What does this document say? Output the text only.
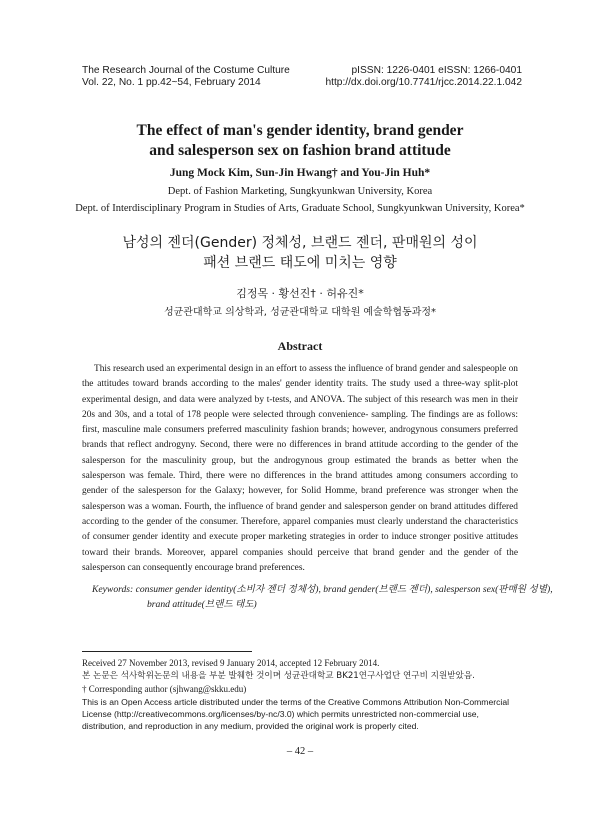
The Research Journal of the Costume Culture
Vol. 22, No. 1 pp.42~54, February 2014
pISSN: 1226-0401 eISSN: 1266-0401
http://dx.doi.org/10.7741/rjcc.2014.22.1.042
The effect of man's gender identity, brand gender
and salesperson sex on fashion brand attitude
Jung Mock Kim, Sun-Jin Hwang† and You-Jin Huh*
Dept. of Fashion Marketing, Sungkyunkwan University, Korea
Dept. of Interdisciplinary Program in Studies of Arts, Graduate School, Sungkyunkwan University, Korea*
남성의 젠더(Gender) 정체성, 브랜드 젠더, 판매원의 성이
패션 브랜드 태도에 미치는 영향
김정목 · 황선진† · 허유진*
성균관대학교 의상학과, 성균관대학교 대학원 예술학협동과정*
Abstract
This research used an experimental design in an effort to assess the influence of brand gender and salespeople on the attitudes toward brands according to the males' gender identity traits. The study used a three-way split-plot experimental design, and data were analyzed by t-tests, and ANOVA. The subject of this research was men in their 20s and 30s, and a total of 178 people were selected through convenience- sampling. The findings are as follows: first, masculine male consumers preferred masculinity fashion brands; however, androgynous consumers preferred brands that reflect androgyny. Second, there were no differences in brand attitude according to the gender of the salesperson for the masculinity group, but the androgynous group estimated the brands as better when the salesperson was female. Third, there were no differences in the brand attitudes among consumers according to gender of the salesperson for the Galaxy; however, for Solid Homme, brand preference was stronger when the salesperson was a woman. Fourth, the influence of brand gender and salesperson gender on brand attitudes differed according to the gender of the consumer. Therefore, apparel companies must clearly understand the characteristics of consumer gender identity and execute proper marketing strategies in order to induce stronger positive attitudes toward their brands. Moreover, apparel companies should perceive that brand gender and the gender of the salesperson can consequently encourage brand preferences.
Keywords: consumer gender identity(소비자 젠더 정체성), brand gender(브랜드 젠더), salesperson sex(판매원 성별), brand attitude(브랜드 태도)
Received 27 November 2013, revised 9 January 2014, accepted 12 February 2014.
본 논문은 석사학위논문의 내용을 부분 발췌한 것이며 성균관대학교 BK21연구사업단 연구비 지원받았음.
† Corresponding author (sjhwang@skku.edu)
This is an Open Access article distributed under the terms of the Creative Commons Attribution Non-Commercial License (http://creativecommons.org/licenses/by-nc/3.0) which permits unrestricted non-commercial use, distribution, and reproduction in any medium, provided the original work is properly cited.
– 42 –
